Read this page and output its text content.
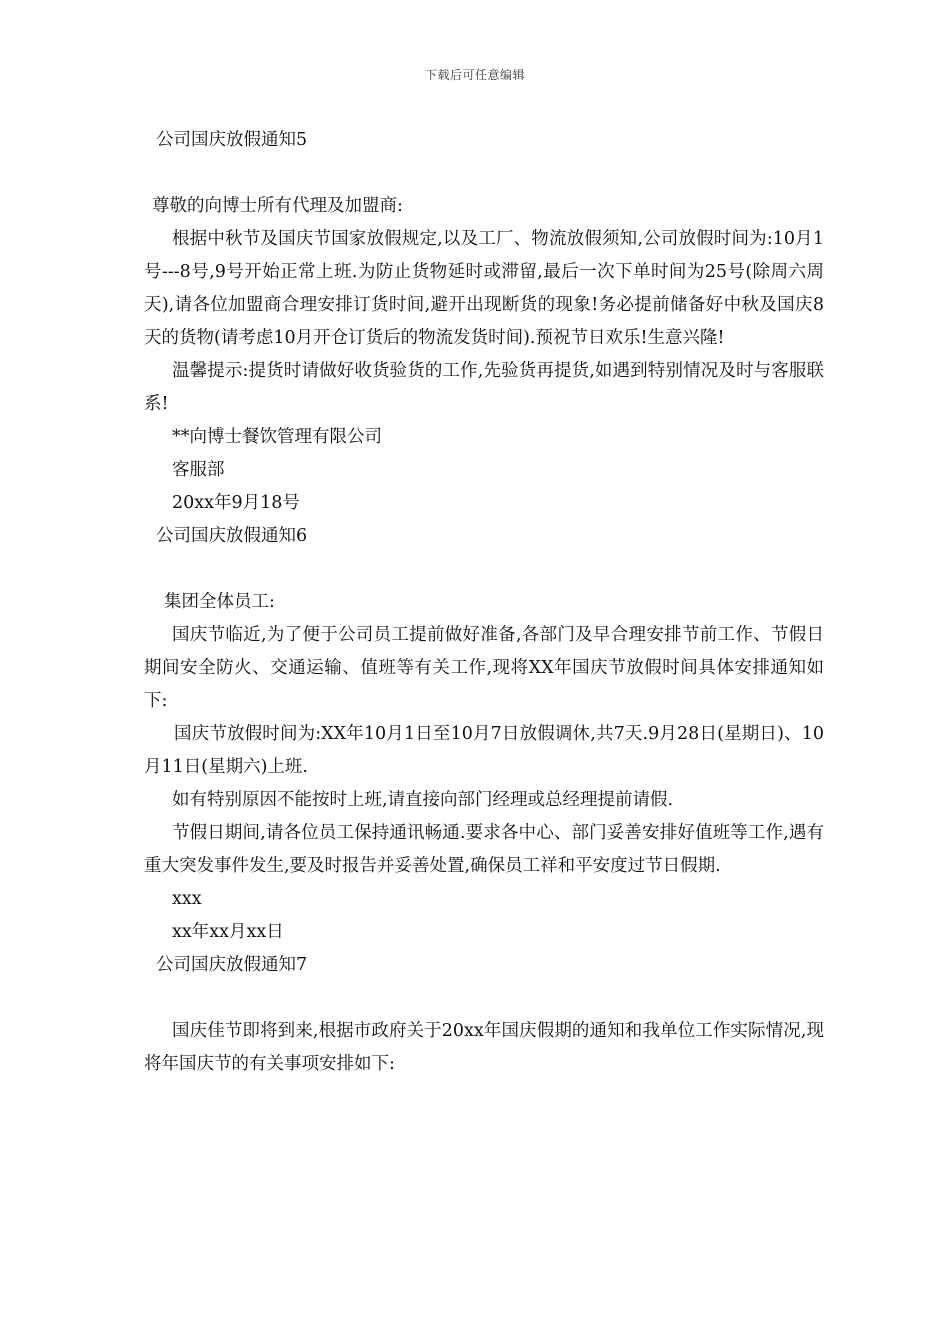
下载后可任意编辑

公司国庆放假通知5

尊敬的向博士所有代理及加盟商:

根据中秋节及国庆节国家放假规定,以及工厂、物流放假须知,公司放假时间为:10月1号---8号,9号开始正常上班.为防止货物延时或滞留,最后一次下单时间为25号(除周六周天),请各位加盟商合理安排订货时间,避开出现断货的现象!务必提前储备好中秋及国庆8天的货物(请考虑10月开仓订货后的物流发货时间).预祝节日欢乐!生意兴隆!

温馨提示:提货时请做好收货验货的工作,先验货再提货,如遇到特别情况及时与客服联系!

**向博士餐饮管理有限公司

客服部

20xx年9月18号

公司国庆放假通知6

集团全体员工:

国庆节临近,为了便于公司员工提前做好准备,各部门及早合理安排节前工作、节假日期间安全防火、交通运输、值班等有关工作,现将XX年国庆节放假时间具体安排通知如下:

国庆节放假时间为:XX年10月1日至10月7日放假调休,共7天.9月28日(星期日)、10月11日(星期六)上班.

如有特别原因不能按时上班,请直接向部门经理或总经理提前请假.

节假日期间,请各位员工保持通讯畅通.要求各中心、部门妥善安排好值班等工作,遇有重大突发事件发生,要及时报告并妥善处置,确保员工祥和平安度过节日假期.

xxx

xx年xx月xx日

公司国庆放假通知7

国庆佳节即将到来,根据市政府关于20xx年国庆假期的通知和我单位工作实际情况,现将年国庆节的有关事项安排如下:
